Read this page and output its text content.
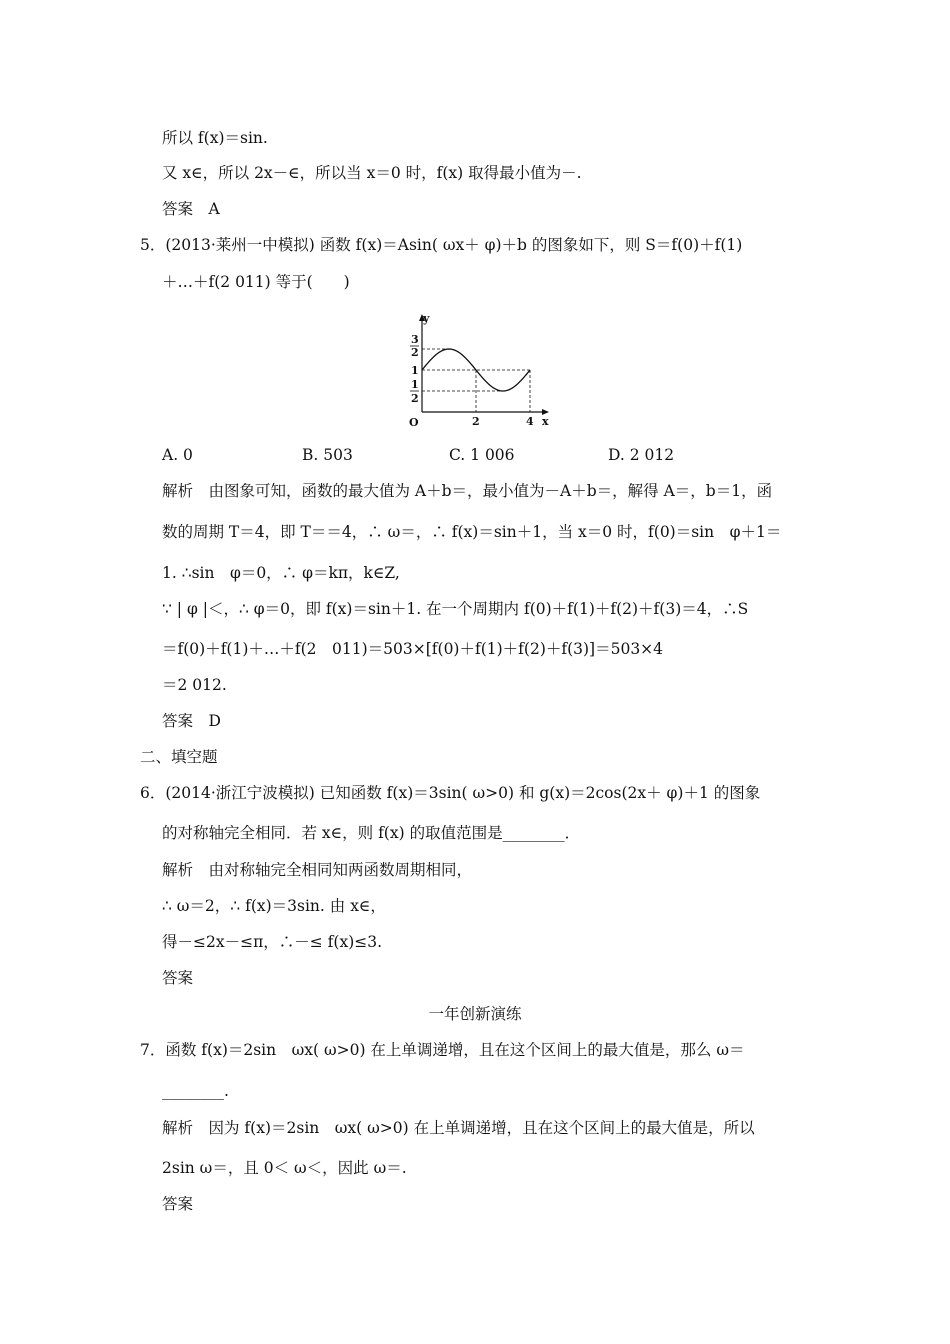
所以 f(x)＝sin.
又 x∈，所以 2x－∈，所以当 x＝0 时，f(x) 取得最小值为－.
答案　A
5．(2013·莱州一中模拟) 函数 f(x)＝Asin( ωx＋ φ)＋b 的图象如下，则 S＝f(0)＋f(1)
＋…＋f(2 011) 等于(　　)
y
x
O
3
2
1
1
2
2	4
A. 0	B. 503	C. 1 006	D. 2 012
解析　由图象可知，函数的最大值为 A＋b＝，最小值为－A＋b＝，解得 A＝，b＝1，函
数的周期 T＝4，即 T＝＝4，∴ ω＝，∴ f(x)＝sin＋1，当 x＝0 时，f(0)＝sin　φ＋1＝
1. ∴sin　φ＝0，∴ φ＝kπ，k∈Z,
∵ | φ |＜，∴ φ＝0，即 f(x)＝sin＋1. 在一个周期内 f(0)＋f(1)＋f(2)＋f(3)＝4，∴S
＝f(0)＋f(1)＋…＋f(2　011)＝503×[f(0)＋f(1)＋f(2)＋f(3)]＝503×4
＝2 012.
答案　D
二、填空题
6．(2014·浙江宁波模拟) 已知函数 f(x)＝3sin( ω>0) 和 g(x)＝2cos(2x＋ φ)＋1 的图象
的对称轴完全相同．若 x∈，则 f(x) 的取值范围是________．
解析　由对称轴完全相同知两函数周期相同，
∴ ω＝2，∴ f(x)＝3sin. 由 x∈，
得－≤2x－≤π，∴－≤ f(x)≤3.
答案
一年创新演练
7．函数 f(x)＝2sin　ωx( ω>0) 在上单调递增，且在这个区间上的最大值是，那么 ω＝
________.
解析　因为 f(x)＝2sin　ωx( ω>0) 在上单调递增，且在这个区间上的最大值是，所以
2sin ω＝，且 0＜ ω＜，因此 ω＝.
答案
